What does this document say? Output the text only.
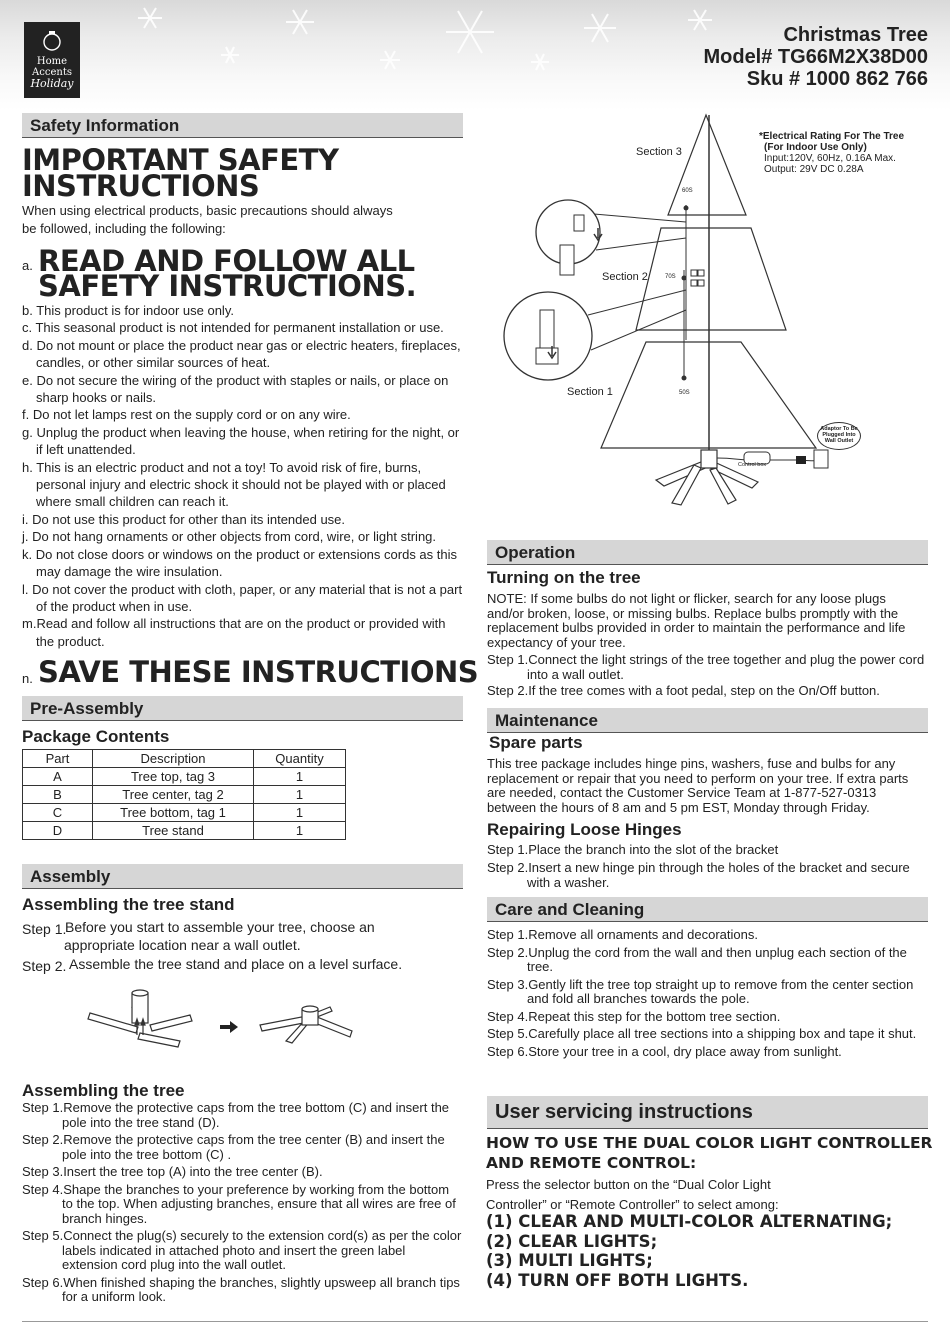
Home
Accents
Holiday
Christmas Tree
Model# TG66M2X38D00
Sku # 1000 862 766
Safety Information
IMPORTANT SAFETY
INSTRUCTIONS
When using electrical products, basic precautions should always
be followed, including the following:
a. READ AND FOLLOW ALL
SAFETY INSTRUCTIONS.
b. This product is for indoor use only.
c. This seasonal product is not intended for permanent installation or use.
d. Do not mount or place the product near gas or electric heaters, fireplaces, candles, or other similar sources of heat.
e. Do not secure the wiring of the product with staples or nails, or place on sharp hooks or nails.
f. Do not let lamps rest on the supply cord or on any wire.
g. Unplug the product when leaving the house, when retiring for the night, or if left unattended.
h. This is an electric product and not a toy! To avoid risk of fire, burns, personal injury and electric shock it should not be played with or placed where small children can reach it.
i. Do not use this product for other than its intended use.
j. Do not hang ornaments or other objects from cord, wire, or light string.
k. Do not close doors or windows on the product or extensions cords as this may damage the wire insulation.
l. Do not cover the product with cloth, paper, or any material that is not a part of the product when in use.
m.Read and follow all instructions that are on the product or provided with the product.
n. SAVE THESE INSTRUCTIONS
Pre-Assembly
Package Contents
Part	Description	Quantity
A	Tree top, tag 3	1
B	Tree center, tag 2	1
C	Tree bottom, tag 1	1
D	Tree stand	1
Assembly
Assembling the tree stand
Step 1.
Before you start to assemble your tree, choose an appropriate location near a wall outlet.
Step 2. Assemble the tree stand and place on a level surface.
Assembling the tree
Step 1.Remove the protective caps from the tree bottom (C) and insert the pole into the tree stand (D).
Step 2.Remove the protective caps from the tree center (B) and insert the pole into the tree bottom (C) .
Step 3.Insert the tree top (A) into the tree center (B).
Step 4.Shape the branches to your preference by working from the bottom to the top. When adjusting branches, ensure that all wires are free of branch hinges.
Step 5.Connect the plug(s) securely to the extension cord(s) as per the color labels indicated in attached photo and insert the green label extension cord plug into the wall outlet.
Step 6.When finished shaping the branches, slightly upsweep all branch tips for a uniform look.
Section 3
Section 2
Section 1
60S
70S
50S
*Electrical Rating For The Tree
(For Indoor Use Only)
Input:120V, 60Hz, 0.16A Max.
Output: 29V DC 0.28A
Adaptor To Be Plugged Into Wall Outlet
Control box
Operation
Turning on the tree
NOTE: If some bulbs do not light or flicker, search for any loose plugs and/or broken, loose, or missing bulbs. Replace bulbs promptly with the replacement bulbs provided in order to maintain the performance and life expectancy of your tree.
Step 1.Connect the light strings of the tree together and plug the power cord into a wall outlet.
Step 2.If the tree comes with a foot pedal, step on the On/Off button.
Maintenance
Spare parts
This tree package includes hinge pins, washers, fuse and bulbs for any replacement or repair that you need to perform on your tree. If extra parts are needed, contact the Customer Service Team at 1-877-527-0313 between the hours of 8 am and 5 pm EST, Monday through Friday.
Repairing Loose Hinges
Step 1.Place the branch into the slot of the bracket
Step 2.Insert a new hinge pin through the holes of the bracket and secure with a washer.
Care and Cleaning
Step 1.Remove all ornaments and decorations.
Step 2.Unplug the cord from the wall and then unplug each section of the tree.
Step 3.Gently lift the tree top straight up to remove from the center section and fold all branches towards the pole.
Step 4.Repeat this step for the bottom tree section.
Step 5.Carefully place all tree sections into a shipping box and tape it shut.
Step 6.Store your tree in a cool, dry place away from sunlight.
User servicing instructions
HOW TO USE THE DUAL COLOR LIGHT CONTROLLER
AND REMOTE CONTROL:
Press the selector button on the “Dual Color Light
Controller” or “Remote Controller” to select among:
(1) CLEAR AND MULTI-COLOR ALTERNATING;
(2) CLEAR LIGHTS;
(3) MULTI LIGHTS;
(4) TURN OFF BOTH LIGHTS.
